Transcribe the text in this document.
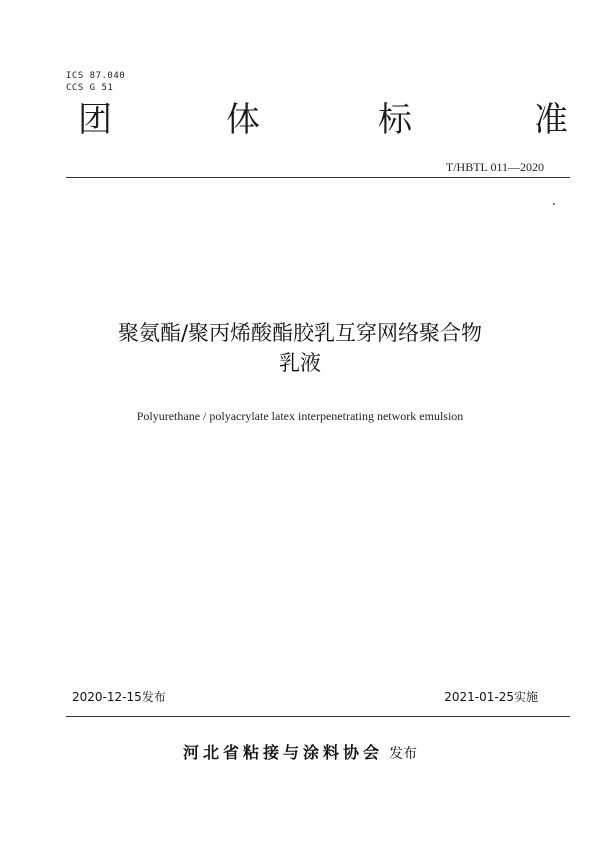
ICS 87.040
CCS G 51
团	体	标	准
T/HBTL 011—2020
聚氨酯/聚丙烯酸酯胶乳互穿网络聚合物
乳液
Polyurethane / polyacrylate latex interpenetrating network emulsion
2020-12-15发布	2021-01-25实施
河北省粘接与涂料协会 发布
